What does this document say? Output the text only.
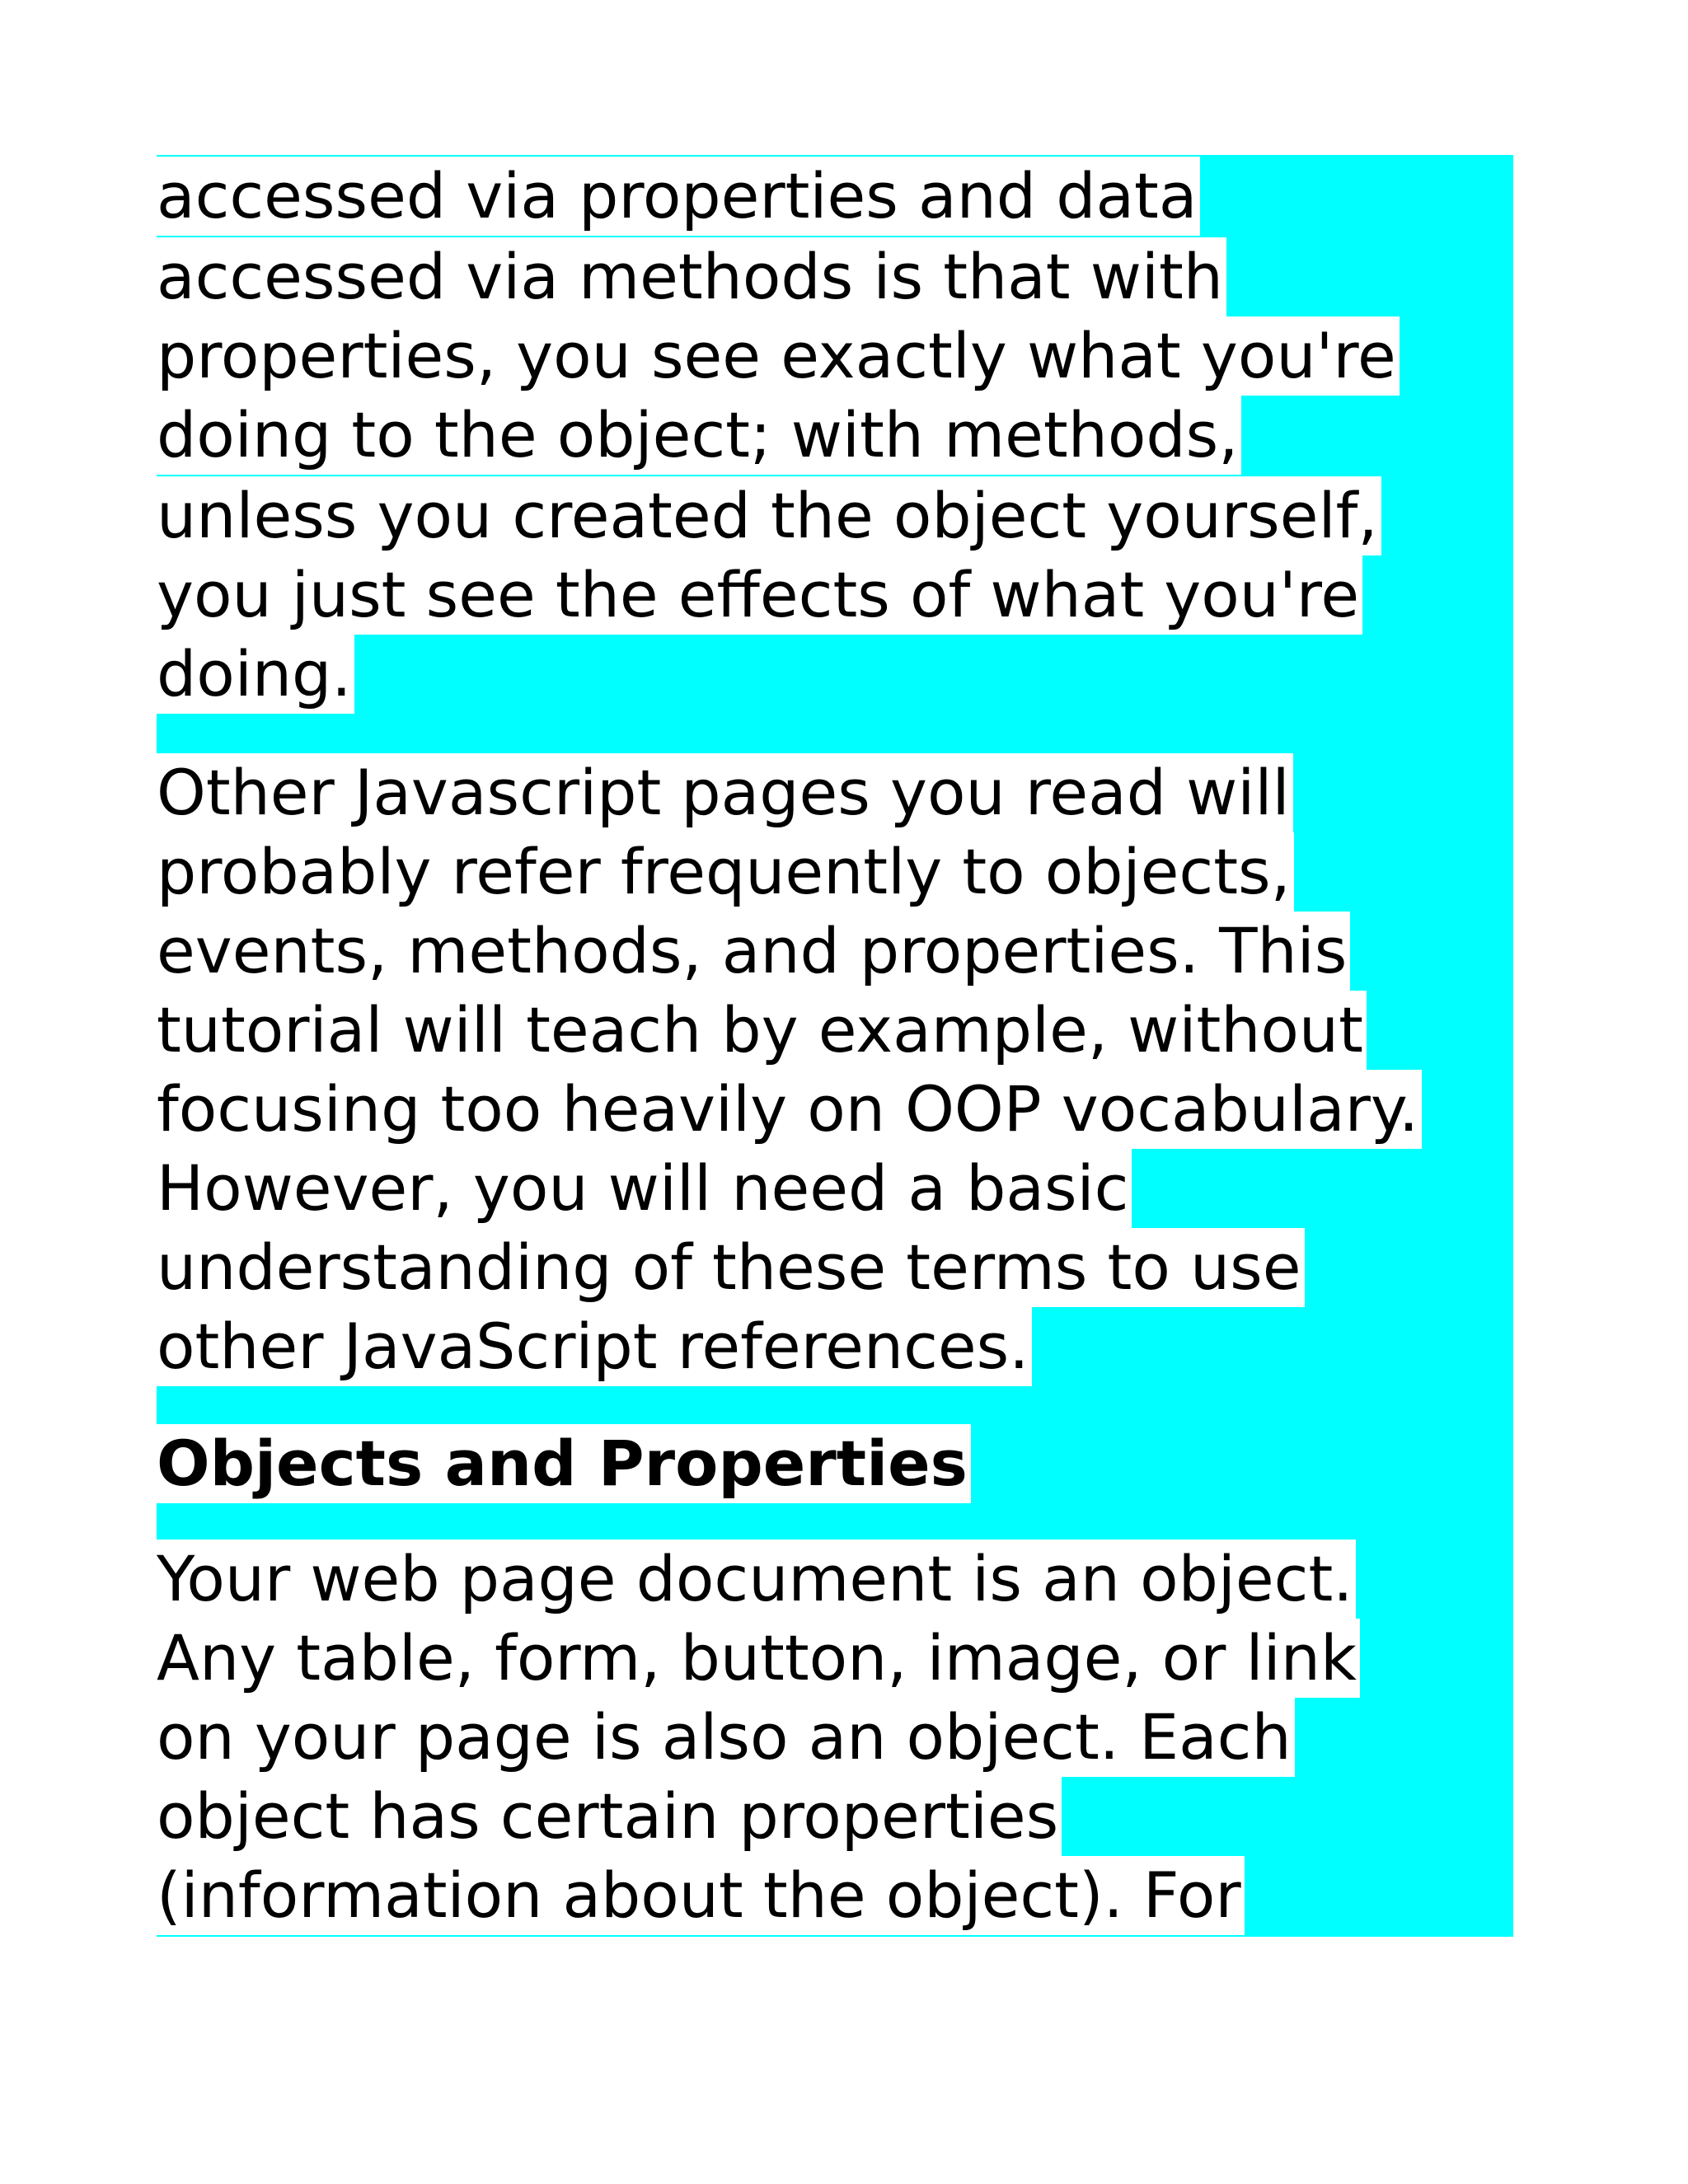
accessed via properties and data
accessed via methods is that with
properties, you see exactly what you're
doing to the object; with methods,
unless you created the object yourself,
you just see the effects of what you're
doing.
Other Javascript pages you read will
probably refer frequently to objects,
events, methods, and properties. This
tutorial will teach by example, without
focusing too heavily on OOP vocabulary.
However, you will need a basic
understanding of these terms to use
other JavaScript references.
Objects and Properties
Your web page document is an object.
Any table, form, button, image, or link
on your page is also an object. Each
object has certain properties
(information about the object). For
